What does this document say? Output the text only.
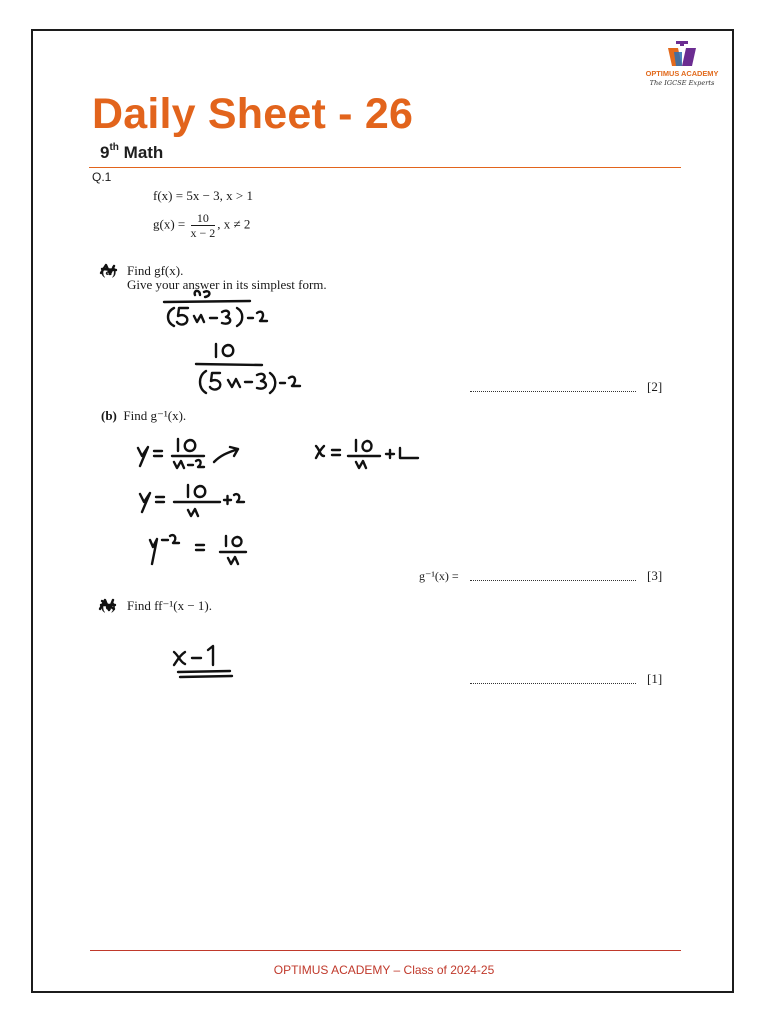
OPTIMUS ACADEMY
The IGCSE Experts
Daily Sheet - 26
9th Math
Q.1
f(x) = 5x − 3, x > 1
$g(x) = \frac{10}{x - 2}$ , x ≠ 2
(a) Find gf(x).
Give your answer in its simplest form.
[2]
(b) Find g⁻¹(x).
g⁻¹(x) =	[3]
(c) Find ff⁻¹(x − 1).
[1]
OPTIMUS ACADEMY – Class of 2024-25
